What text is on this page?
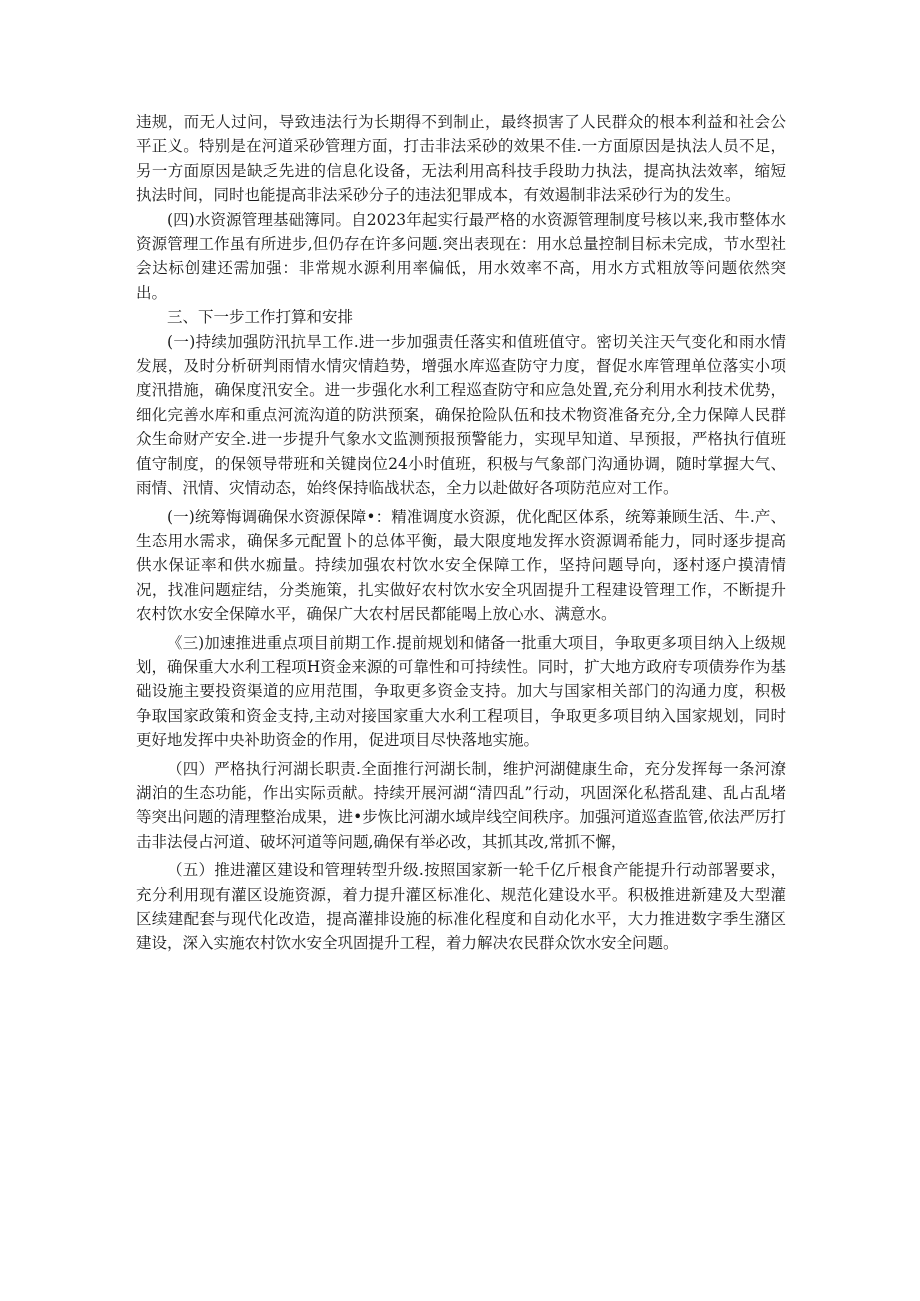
违规，而无人过问，导致违法行为长期得不到制止，最终损害了人民群众的根本利益和社会公平正义。特别是在河道采砂管理方面，打击非法采砂的效果不佳.一方面原因是执法人员不足，另一方面原因是缺乏先进的信息化设备，无法利用高科技手段助力执法，提高执法效率，缩短执法时间，同时也能提高非法采砂分子的违法犯罪成本，有效遏制非法采砂行为的发生。

(四)水资源管理基础簿同。自2023年起实行最严格的水资源管理制度号核以来,我市整体水资源管理工作虽有所进步,但仍存在许多问题.突出表现在：用水总量控制目标未完成，节水型社会达标创建还需加强：非常规水源利用率偏低，用水效率不高，用水方式粗放等问题依然突出。

三、下一步工作打算和安排

(一)持续加强防汛抗旱工作.进一步加强责任落实和值班值守。密切关注天气变化和雨水情发展，及时分析研判雨情水情灾情趋势，增强水库巡查防守力度，督促水库管理单位落实小项度汛措施，确保度汛安全。进一步强化水利工程巡查防守和应急处置,充分利用水利技术优势，细化完善水库和重点河流沟道的防洪预案，确保抢险队伍和技术物资准备充分,全力保障人民群众生命财产安全.进一步提升气象水文监测预报预警能力，实现早知道、早预报，严格执行值班值守制度，的保领导带班和关键岗位24小时值班，积极与气象部门沟通协调，随时掌握大气、雨情、汛情、灾情动态，始终保持临战状态，全力以赴做好各项防范应对工作。

(一)统筹悔调确保水资源保障•：精准调度水资源，优化配区体系，统筹兼顾生活、牛.产、生态用水需求，确保多元配置卜的总体平衡，最大限度地发挥水资源调希能力，同时逐步提高供水保证率和供水痂量。持续加强农村饮水安全保障工作，坚持问题导向，逐村逐户摸清情况，找准问题症结，分类施策，扎实做好农村饮水安全巩固提升工程建设管理工作，不断提升农村饮水安全保障水平，确保广大农村居民都能喝上放心水、满意水。

《三)加速推进重点项目前期工作.提前规划和储备一批重大项目，争取更多项目纳入上级规划，确保重大水利工程项H资金来源的可靠性和可持续性。同时，扩大地方政府专项债券作为基础设施主要投资渠道的应用范围，争取更多资金支持。加大与国家相关部门的沟通力度，积极争取国家政策和资金支持,主动对接国家重大水利工程项目，争取更多项目纳入国家规划，同时更好地发挥中央补助资金的作用，促进项目尽快落地实施。

（四）严格执行河湖长职责.全面推行河湖长制，维护河湖健康生命，充分发挥每一条河潦湖泊的生态功能，作出实际贡献。持续开展河湖“清四乱”行动，巩固深化私搭乱建、乱占乱堵等突出问题的清理整治成果，进•步恢比河湖水域岸线空间秩序。加强河道巡查监管,依法严厉打击非法侵占河道、破坏河道等问题,确保有举必改，其抓其改,常抓不懈，

（五）推进灌区建设和管理转型升级.按照国家新一轮千亿斤根食产能提升行动部署要求，充分利用现有灌区设施资源，着力提升灌区标准化、规范化建设水平。积极推进新建及大型灌区续建配套与现代化改造，提高灌排设施的标准化程度和自动化水平，大力推进数字季生潴区建设，深入实施农村饮水安全巩固提升工程，着力解决农民群众饮水安全问题。
